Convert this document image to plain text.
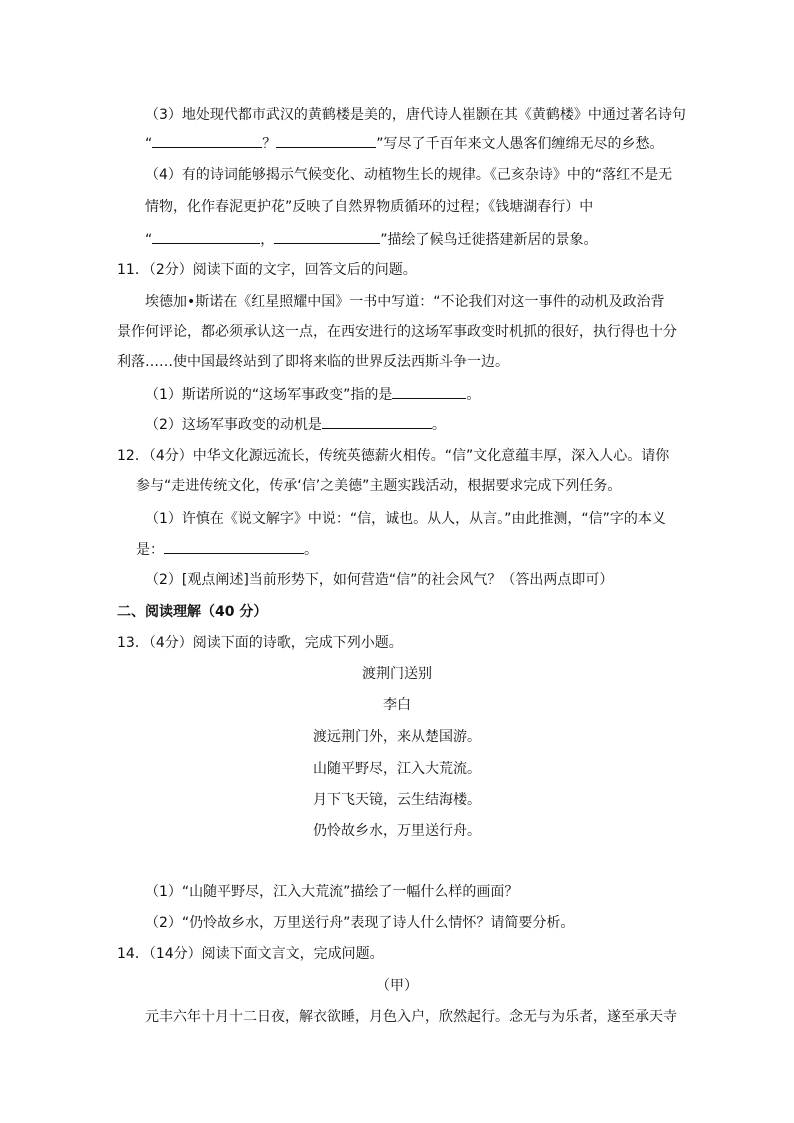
（3）地处现代都市武汉的黄鹤楼是美的，唐代诗人崔颢在其《黄鹤楼》中通过著名诗句
“	？	”写尽了千百年来文人愚客们缠绵无尽的乡愁。
（4）有的诗词能够揭示气候变化、动植物生长的规律。《己亥杂诗》中的“落红不是无
情物，化作春泥更护花”反映了自然界物质循环的过程；《钱塘湖春行）中
“	，	”描绘了候鸟迁徙搭建新居的景象。
11．（2分）阅读下面的文字，回答文后的问题。
埃德加•斯诺在《红星照耀中国》一书中写道：“不论我们对这一事件的动机及政治背
景作何评论，都必须承认这一点，在西安进行的这场军事政变时机抓的很好，执行得也十分
利落……使中国最终站到了即将来临的世界反法西斯斗争一边。
（1）斯诺所说的“这场军事政变”指的是	。
（2）这场军事政变的动机是	。
12．（4分）中华文化源远流长，传统英德薪火相传。“信”文化意蕴丰厚，深入人心。请你
参与“走进传统文化，传承‘信’之美德”主题实践活动，根据要求完成下列任务。
（1）许慎在《说文解字》中说：“信，诚也。从人，从言。”由此推测，“信”字的本义
是：	。
（2）[观点阐述]当前形势下，如何营造“信”的社会风气？（答出两点即可）
二、阅读理解（40 分）
13．（4分）阅读下面的诗歌，完成下列小题。
渡荆门送别
李白
渡远荆门外，来从楚国游。
山随平野尽，江入大荒流。
月下飞天镜，云生结海楼。
仍怜故乡水，万里送行舟。
（1）“山随平野尽，江入大荒流”描绘了一幅什么样的画面？
（2）“仍怜故乡水，万里送行舟”表现了诗人什么情怀？请简要分析。
14．（14分）阅读下面文言文，完成问题。
（甲）
元丰六年十月十二日夜，解衣欲睡，月色入户，欣然起行。念无与为乐者，遂至承天寺
